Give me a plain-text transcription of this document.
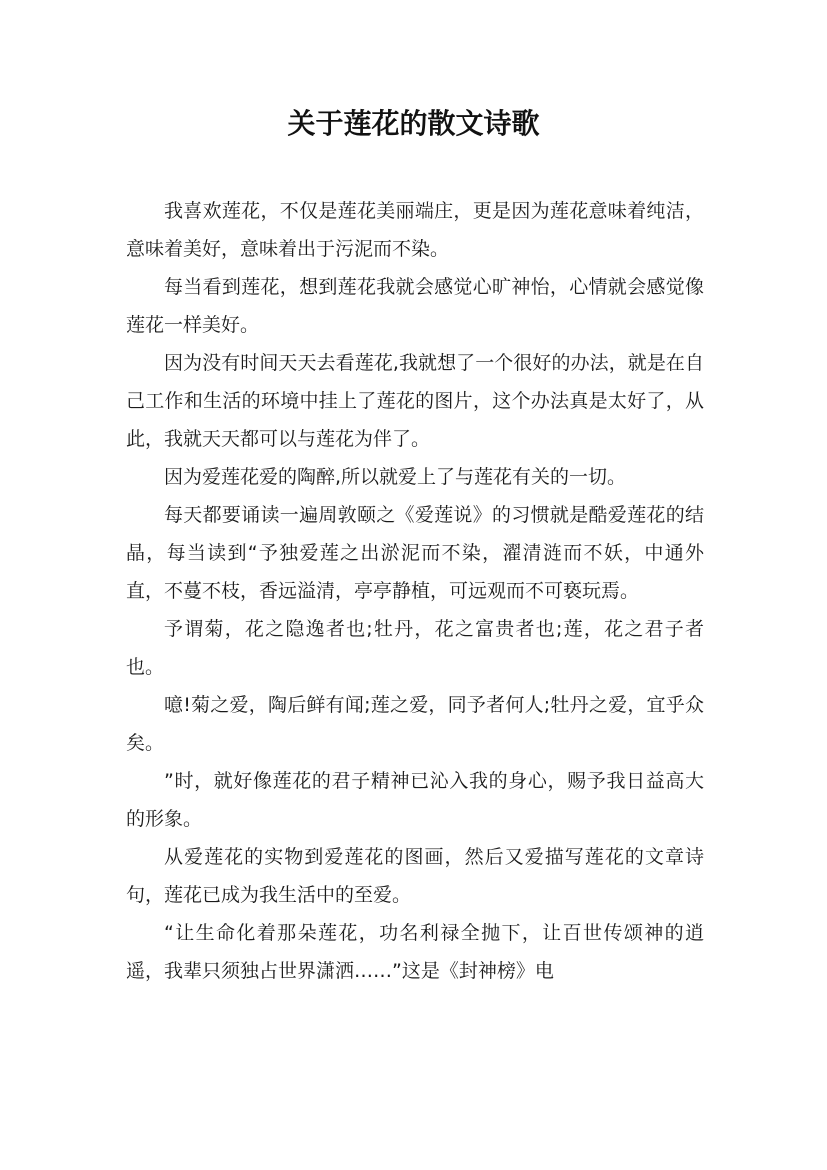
关于莲花的散文诗歌

我喜欢莲花，不仅是莲花美丽端庄，更是因为莲花意味着纯洁，意味着美好，意味着出于污泥而不染。

每当看到莲花，想到莲花我就会感觉心旷神怡，心情就会感觉像莲花一样美好。

因为没有时间天天去看莲花,我就想了一个很好的办法，就是在自己工作和生活的环境中挂上了莲花的图片，这个办法真是太好了，从此，我就天天都可以与莲花为伴了。

因为爱莲花爱的陶醉,所以就爱上了与莲花有关的一切。

每天都要诵读一遍周敦颐之《爱莲说》的习惯就是酷爱莲花的结晶，每当读到“予独爱莲之出淤泥而不染，濯清涟而不妖，中通外直，不蔓不枝，香远溢清，亭亭静植，可远观而不可亵玩焉。

予谓菊，花之隐逸者也;牡丹，花之富贵者也;莲，花之君子者也。

噫!菊之爱，陶后鲜有闻;莲之爱，同予者何人;牡丹之爱，宜乎众矣。

”时，就好像莲花的君子精神已沁入我的身心，赐予我日益高大的形象。

从爱莲花的实物到爱莲花的图画，然后又爱描写莲花的文章诗句，莲花已成为我生活中的至爱。

“让生命化着那朵莲花，功名利禄全抛下，让百世传颂神的逍遥，我辈只须独占世界潇洒……”这是《封神榜》电
